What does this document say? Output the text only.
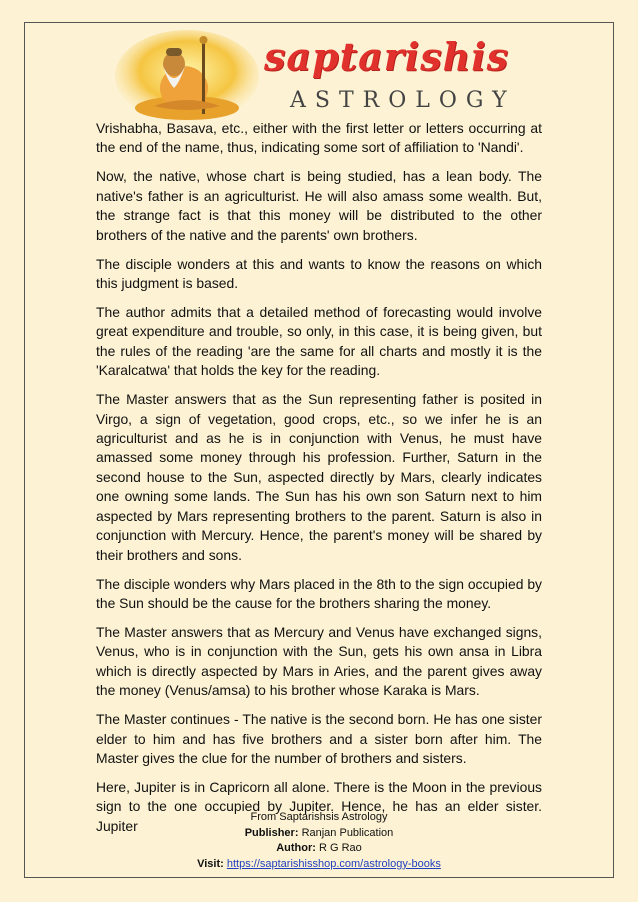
saptarishis
ASTROLOGY

Vrishabha, Basava, etc., either with the first letter or letters occurring at the end of the name, thus, indicating some sort of affiliation to 'Nandi'.

Now, the native, whose chart is being studied, has a lean body. The native's father is an agriculturist. He will also amass some wealth. But, the strange fact is that this money will be distributed to the other brothers of the native and the parents' own brothers.

The disciple wonders at this and wants to know the reasons on which this judgment is based.

The author admits that a detailed method of forecasting would involve great expenditure and trouble, so only, in this case, it is being given, but the rules of the reading 'are the same for all charts and mostly it is the 'Karalcatwa' that holds the key for the reading.

The Master answers that as the Sun representing father is posited in Virgo, a sign of vegetation, good crops, etc., so we infer he is an agriculturist and as he is in conjunction with Venus, he must have amassed some money through his profession. Further, Saturn in the second house to the Sun, aspected directly by Mars, clearly indicates one owning some lands. The Sun has his own son Saturn next to him aspected by Mars representing brothers to the parent. Saturn is also in conjunction with Mercury. Hence, the parent's money will be shared by their brothers and sons.

The disciple wonders why Mars placed in the 8th to the sign occupied by the Sun should be the cause for the brothers sharing the money.

The Master answers that as Mercury and Venus have exchanged signs, Venus, who is in conjunction with the Sun, gets his own ansa in Libra which is directly aspected by Mars in Aries, and the parent gives away the money (Venus/amsa) to his brother whose Karaka is Mars.

The Master continues - The native is the second born. He has one sister elder to him and has five brothers and a sister born after him. The Master gives the clue for the number of brothers and sisters.

Here, Jupiter is in Capricorn all alone. There is the Moon in the previous sign to the one occupied by Jupiter. Hence, he has an elder sister. Jupiter

From Saptarishsis Astrology
Publisher: Ranjan Publication
Author: R G Rao
Visit: https://saptarishisshop.com/astrology-books
